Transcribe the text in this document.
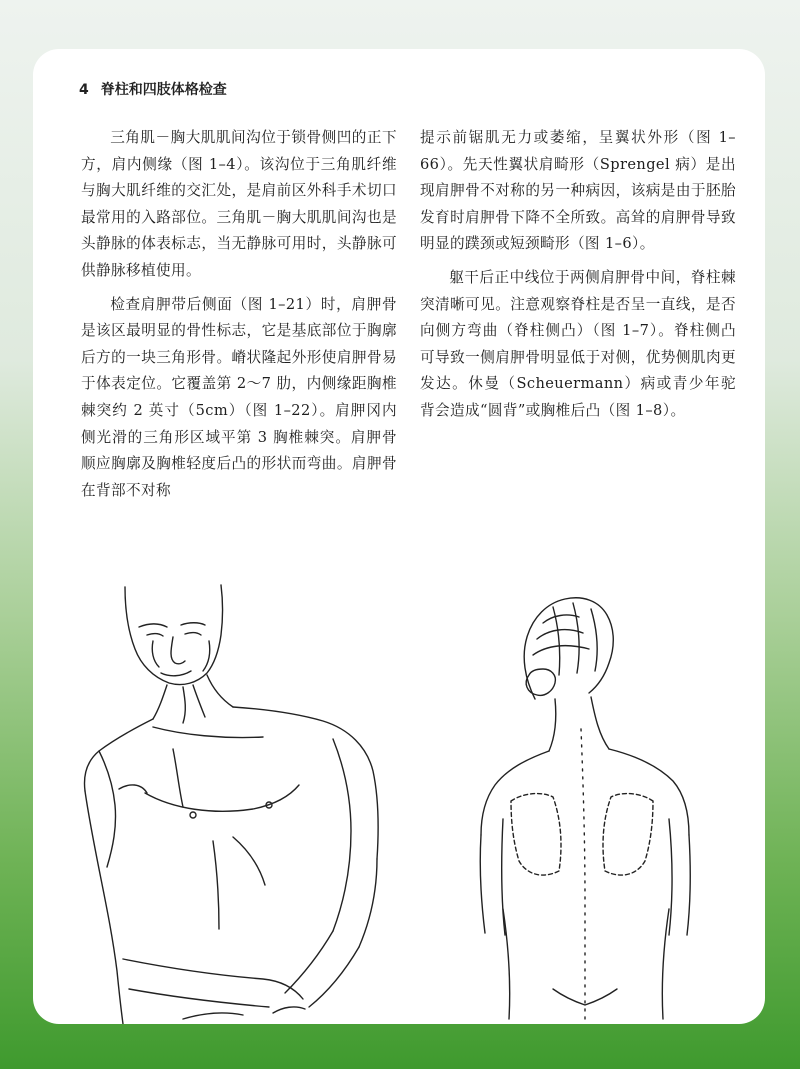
4 脊柱和四肢体格检查

三角肌－胸大肌肌间沟位于锁骨侧凹的正下方，肩内侧缘（图 1–4）。该沟位于三角肌纤维与胸大肌纤维的交汇处，是肩前区外科手术切口最常用的入路部位。三角肌－胸大肌肌间沟也是头静脉的体表标志，当无静脉可用时，头静脉可供静脉移植使用。

检查肩胛带后侧面（图 1–21）时，肩胛骨是该区最明显的骨性标志，它是基底部位于胸廓后方的一块三角形骨。嵴状隆起外形使肩胛骨易于体表定位。它覆盖第 2～7 肋，内侧缘距胸椎棘突约 2 英寸（5cm）（图 1–22）。肩胛冈内侧光滑的三角形区域平第 3 胸椎棘突。肩胛骨顺应胸廓及胸椎轻度后凸的形状而弯曲。肩胛骨在背部不对称

提示前锯肌无力或萎缩，呈翼状外形（图 1–66）。先天性翼状肩畸形（Sprengel 病）是出现肩胛骨不对称的另一种病因，该病是由于胚胎发育时肩胛骨下降不全所致。高耸的肩胛骨导致明显的蹼颈或短颈畸形（图 1–6）。

躯干后正中线位于两侧肩胛骨中间，脊柱棘突清晰可见。注意观察脊柱是否呈一直线，是否向侧方弯曲（脊柱侧凸）（图 1–7）。脊柱侧凸可导致一侧肩胛骨明显低于对侧，优势侧肌肉更发达。休曼（Scheuermann）病或青少年驼背会造成“圆背”或胸椎后凸（图 1–8）。
